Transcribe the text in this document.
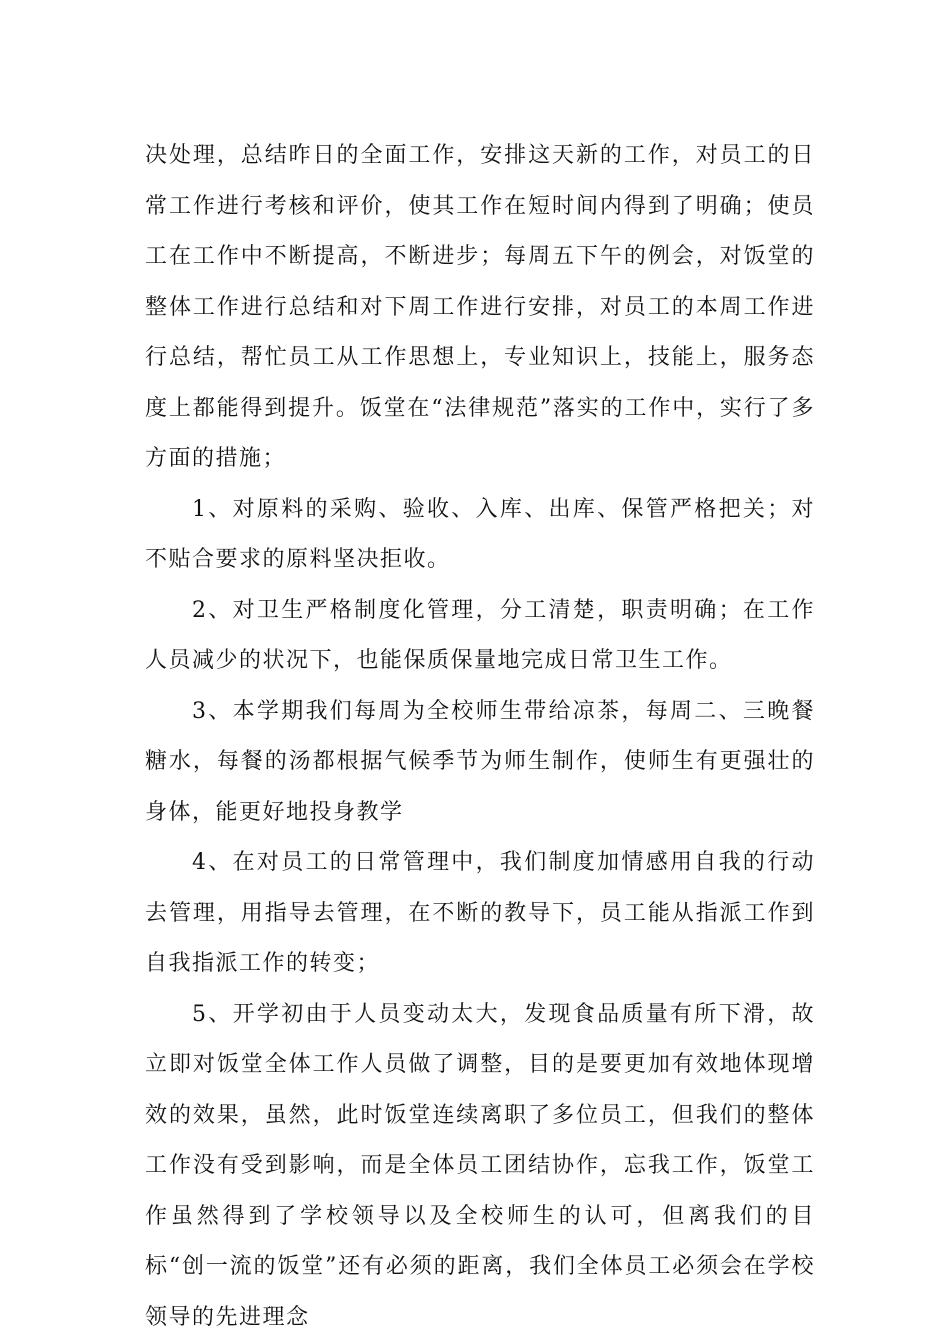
决处理，总结昨日的全面工作，安排这天新的工作，对员工的日常工作进行考核和评价，使其工作在短时间内得到了明确；使员工在工作中不断提高，不断进步；每周五下午的例会，对饭堂的整体工作进行总结和对下周工作进行安排，对员工的本周工作进行总结，帮忙员工从工作思想上，专业知识上，技能上，服务态度上都能得到提升。饭堂在“法律规范”落实的工作中，实行了多方面的措施；

1、对原料的采购、验收、入库、出库、保管严格把关；对不贴合要求的原料坚决拒收。

2、对卫生严格制度化管理，分工清楚，职责明确；在工作人员减少的状况下，也能保质保量地完成日常卫生工作。

3、本学期我们每周为全校师生带给凉茶，每周二、三晚餐糖水，每餐的汤都根据气候季节为师生制作，使师生有更强壮的身体，能更好地投身教学

4、在对员工的日常管理中，我们制度加情感用自我的行动去管理，用指导去管理，在不断的教导下，员工能从指派工作到自我指派工作的转变；

5、开学初由于人员变动太大，发现食品质量有所下滑，故立即对饭堂全体工作人员做了调整，目的是要更加有效地体现增效的效果，虽然，此时饭堂连续离职了多位员工，但我们的整体工作没有受到影响，而是全体员工团结协作，忘我工作，饭堂工作虽然得到了学校领导以及全校师生的认可，但离我们的目标“创一流的饭堂”还有必须的距离，我们全体员工必须会在学校领导的先进理念
